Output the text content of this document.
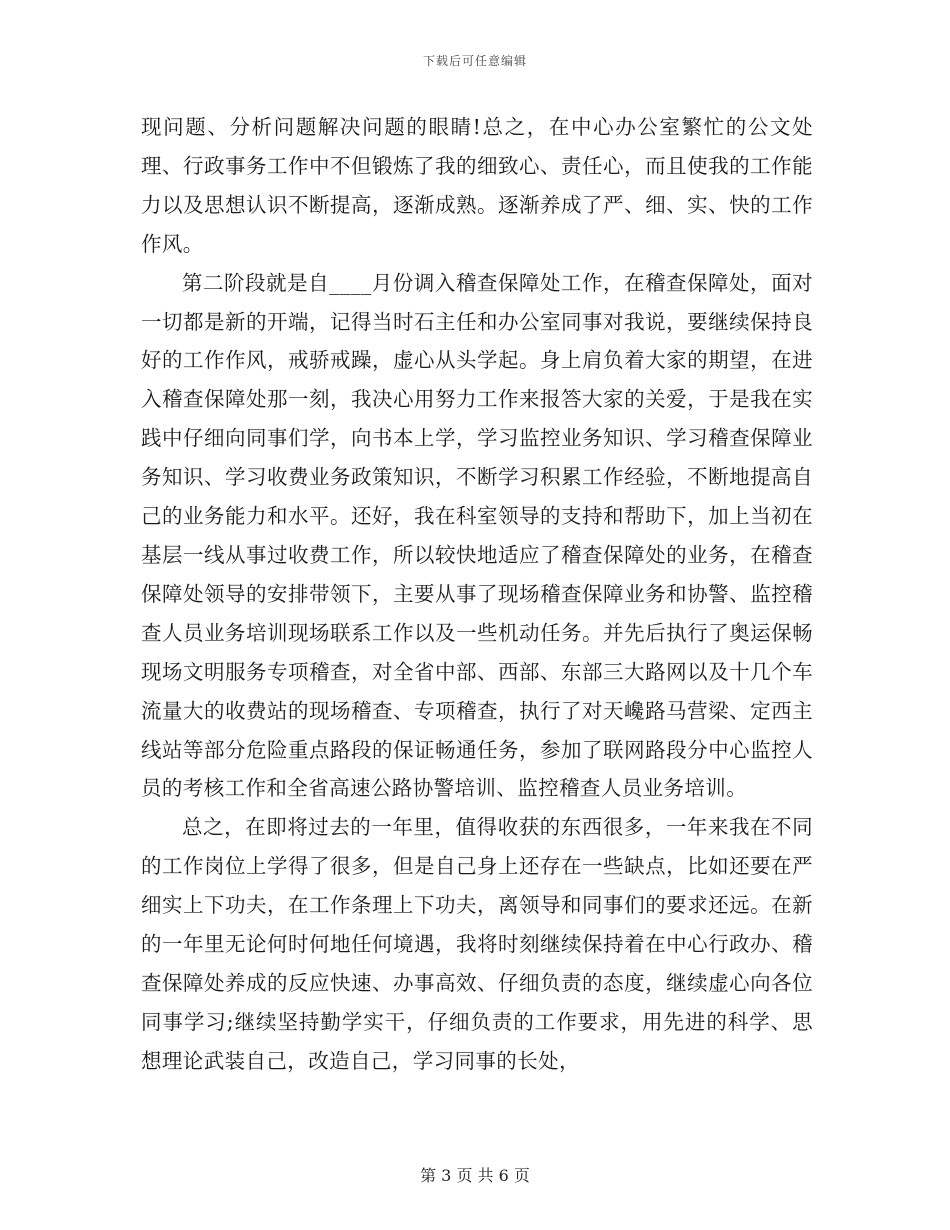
下载后可任意编辑

现问题、分析问题解决问题的眼睛!总之，在中心办公室繁忙的公文处理、行政事务工作中不但锻炼了我的细致心、责任心，而且使我的工作能力以及思想认识不断提高，逐渐成熟。逐渐养成了严、细、实、快的工作作风。

第二阶段就是自____月份调入稽查保障处工作，在稽查保障处，面对一切都是新的开端，记得当时石主任和办公室同事对我说，要继续保持良好的工作作风，戒骄戒躁，虚心从头学起。身上肩负着大家的期望，在进入稽查保障处那一刻，我决心用努力工作来报答大家的关爱，于是我在实践中仔细向同事们学，向书本上学，学习监控业务知识、学习稽查保障业务知识、学习收费业务政策知识，不断学习积累工作经验，不断地提高自己的业务能力和水平。还好，我在科室领导的支持和帮助下，加上当初在基层一线从事过收费工作，所以较快地适应了稽查保障处的业务，在稽查保障处领导的安排带领下，主要从事了现场稽查保障业务和协警、监控稽查人员业务培训现场联系工作以及一些机动任务。并先后执行了奥运保畅现场文明服务专项稽查，对全省中部、西部、东部三大路网以及十几个车流量大的收费站的现场稽查、专项稽查，执行了对天巉路马营梁、定西主线站等部分危险重点路段的保证畅通任务，参加了联网路段分中心监控人员的考核工作和全省高速公路协警培训、监控稽查人员业务培训。

总之，在即将过去的一年里，值得收获的东西很多，一年来我在不同的工作岗位上学得了很多，但是自己身上还存在一些缺点，比如还要在严细实上下功夫，在工作条理上下功夫，离领导和同事们的要求还远。在新的一年里无论何时何地任何境遇，我将时刻继续保持着在中心行政办、稽查保障处养成的反应快速、办事高效、仔细负责的态度，继续虚心向各位同事学习;继续坚持勤学实干，仔细负责的工作要求，用先进的科学、思想理论武装自己，改造自己，学习同事的长处，

第 3 页 共 6 页
